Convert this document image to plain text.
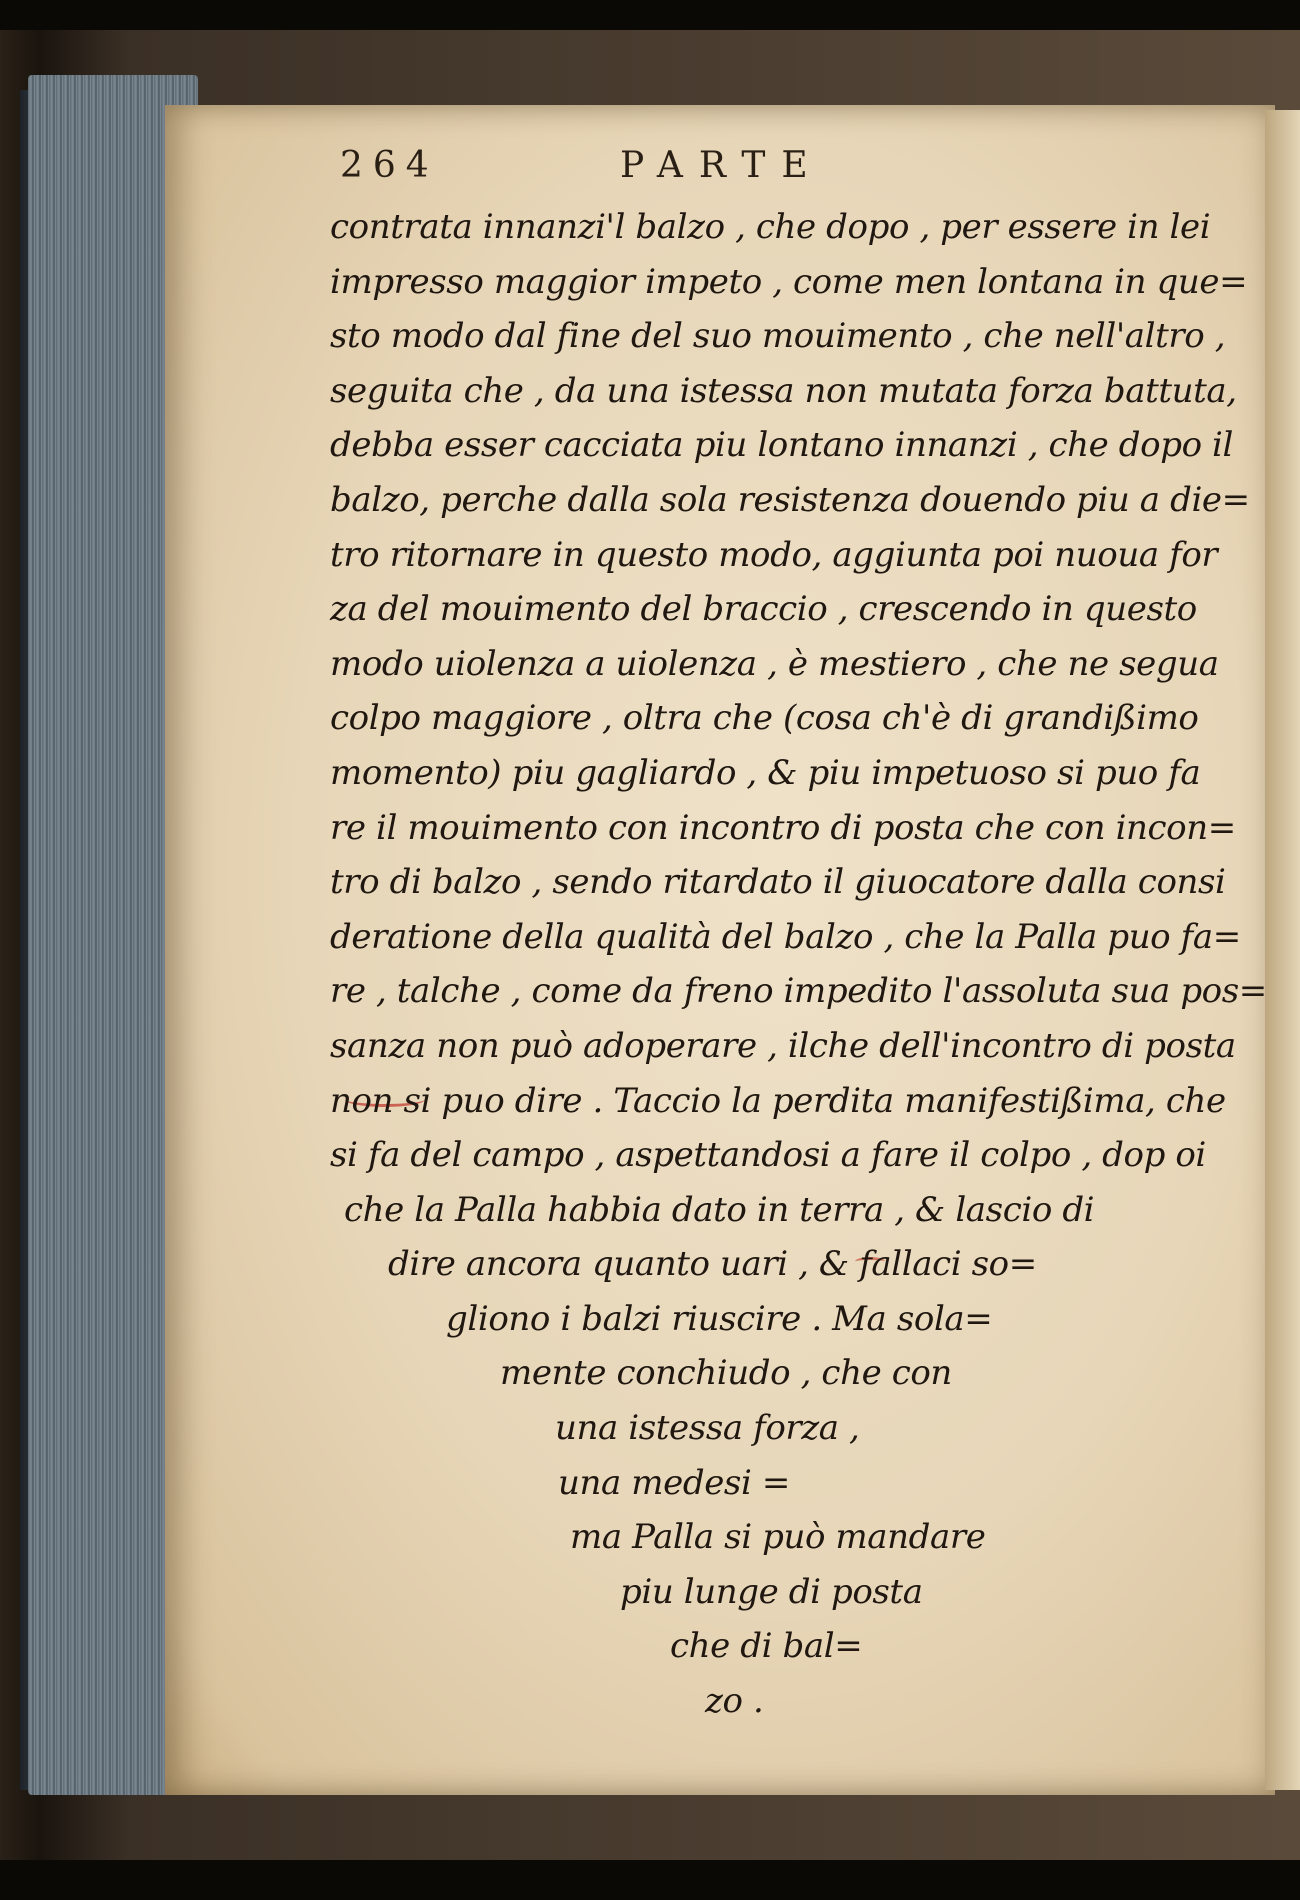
264	PARTE
contrata innanzi'l balzo , che dopo , per essere in lei
impresso maggior impeto , come men lontana in que=
sto modo dal fine del suo mouimento , che nell'altro ,
seguita che , da una istessa non mutata forza battuta,
debba esser cacciata piu lontano innanzi , che dopo il
balzo, perche dalla sola resistenza douendo piu a die=
tro ritornare in questo modo, aggiunta poi nuoua for
za del mouimento del braccio , crescendo in questo
modo uiolenza a uiolenza , è mestiero , che ne segua
colpo maggiore , oltra che (cosa ch'è di grandißimo
momento) piu gagliardo , & piu impetuoso si puo fa
re il mouimento con incontro di posta che con incon=
tro di balzo , sendo ritardato il giuocatore dalla consi
deratione della qualità del balzo , che la Palla puo fa=
re , talche , come da freno impedito l'assoluta sua pos=
sanza non può adoperare , ilche dell'incontro di posta
non si puo dire . Taccio la perdita manifestißima, che
si fa del campo , aspettandosi a fare il colpo , dop oi
che la Palla habbia dato in terra , & lascio di
dire ancora quanto uari , & fallaci so=
gliono i balzi riuscire . Ma sola=
mente conchiudo , che con
una istessa forza ,
una medesi =
ma Palla si può mandare
piu lunge di posta
che di bal=
zo .
